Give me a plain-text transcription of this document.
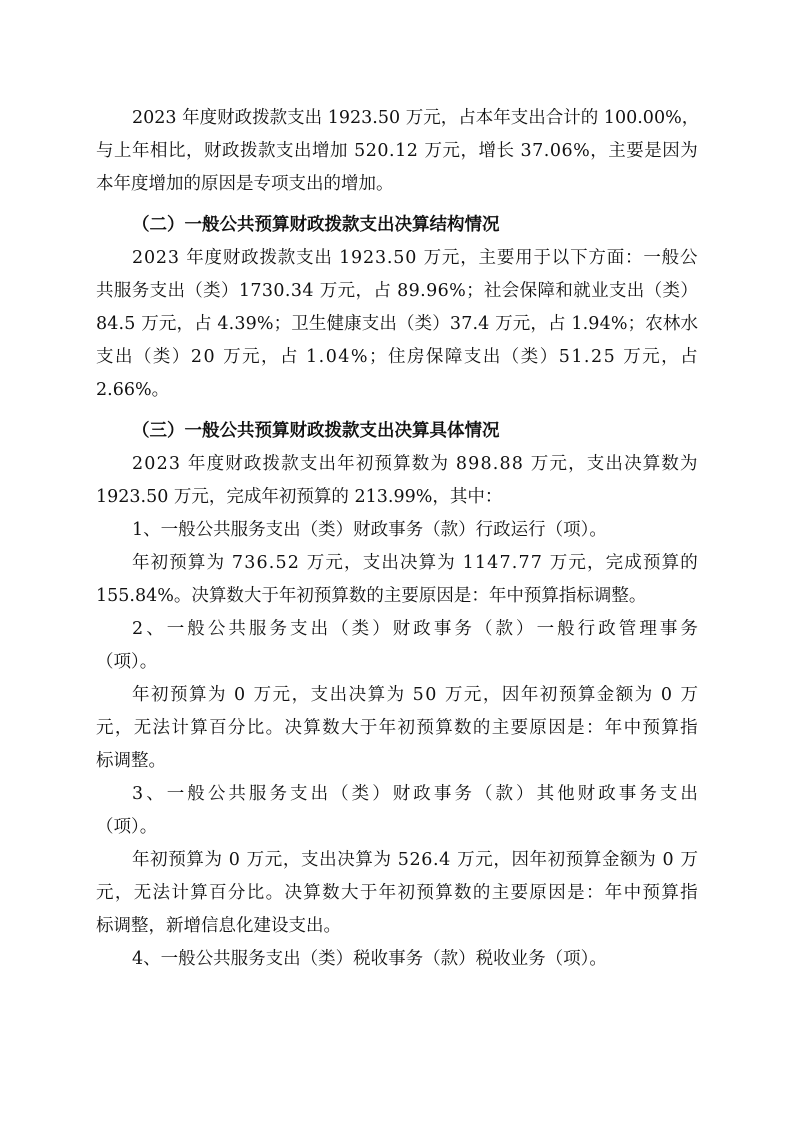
2 0 2 3
年 度 财 政 拨 款 支 出
1 9 2 3 . 5 0
万 元 ， 占 本 年 支 出 合 计 的
1 0 0 . 0 0 % ，
与 上 年 相 比 ， 财 政 拨 款 支 出 增 加
5 2 0 . 1 2
万 元 ， 增 长
3 7 . 0 6 % ， 主 要 是 因 为
本年度增加的原因是专项支出的增加。
（二）一般公共预算财政拨款支出决算结构情况
2 0 2 3
年 度 财 政 拨 款 支 出
1 9 2 3 . 5 0
万 元 ， 主 要 用 于 以 下 方 面 ： 一 般 公
共 服 务 支 出 （ 类 ） 1 7 3 0 . 3 4
万 元 ， 占
8 9 . 9 6 % ； 社 会 保 障 和 就 业 支 出 （ 类 ）
8 4 . 5
万 元 ， 占
4 . 3 9 % ； 卫 生 健 康 支 出 （ 类 ） 3 7 . 4
万 元 ， 占
1 . 9 4 % ； 农 林 水
支 出 （ 类 ） 2 0
万 元 ， 占
1 . 0 4 % ； 住 房 保 障 支 出 （ 类 ） 5 1 . 2 5
万 元 ， 占
2.66%。
（三）一般公共预算财政拨款支出决算具体情况
2 0 2 3
年 度 财 政 拨 款 支 出 年 初 预 算 数 为
8 9 8 . 8 8
万 元 ， 支 出 决 算 数 为
1923.50 万元，完成年初预算的 213.99%，其中：
1、一般公共服务支出（类）财政事务（款）行政运行（项）。
年 初 预 算 为
7 3 6 . 5 2
万 元 ， 支 出 决 算 为
1 1 4 7 . 7 7
万 元 ， 完 成 预 算 的
155.84%。决算数大于年初预算数的主要原因是：年中预算指标调整。
2 、 一 般 公 共 服 务 支 出 （ 类 ） 财 政 事 务 （ 款 ） 一 般 行 政 管 理 事 务
（项）。
年 初 预 算 为
0
万 元 ， 支 出 决 算 为
5 0
万 元 ， 因 年 初 预 算 金 额 为
0
万
元 ， 无 法 计 算 百 分 比 。 决 算 数 大 于 年 初 预 算 数 的 主 要 原 因 是 ： 年 中 预 算 指
标调整。
3 、 一 般 公 共 服 务 支 出 （ 类 ） 财 政 事 务 （ 款 ） 其 他 财 政 事 务 支 出
（项）。
年 初 预 算 为
0
万 元 ， 支 出 决 算 为
5 2 6 . 4
万 元 ， 因 年 初 预 算 金 额 为
0
万
元 ， 无 法 计 算 百 分 比 。 决 算 数 大 于 年 初 预 算 数 的 主 要 原 因 是 ： 年 中 预 算 指
标调整，新增信息化建设支出。
4、一般公共服务支出（类）税收事务（款）税收业务（项）。
